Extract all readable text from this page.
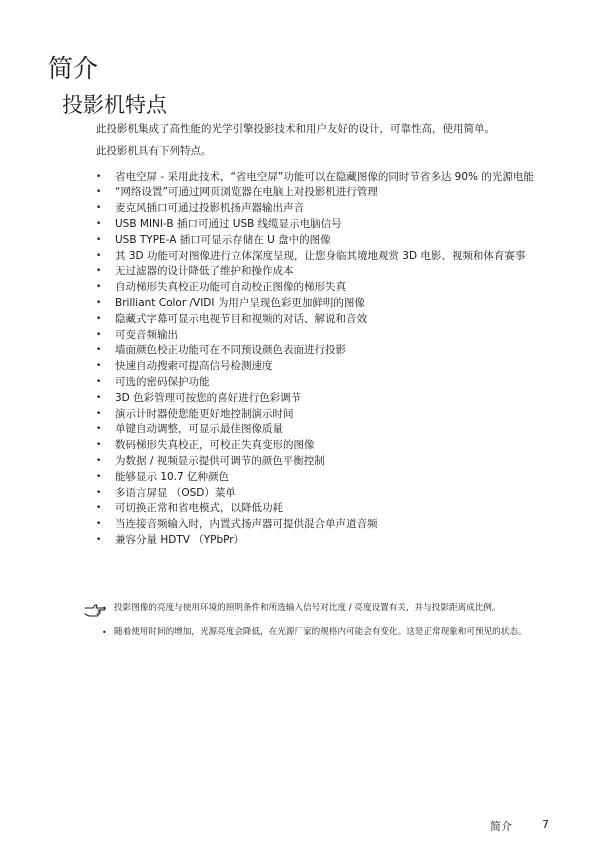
简介
投影机特点

此投影机集成了高性能的光学引擎投影技术和用户友好的设计，可靠性高，使用简单。

此投影机具有下列特点。

• 省电空屏 - 采用此技术，“省电空屏”功能可以在隐藏图像的同时节省多达 90% 的光源电能
• “网络设置”可通过网页浏览器在电脑上对投影机进行管理
• 麦克风插口可通过投影机扬声器输出声音
• USB MINI-B 插口可通过 USB 线缆显示电脑信号
• USB TYPE-A 插口可显示存储在 U 盘中的图像
• 其 3D 功能可对图像进行立体深度呈现，让您身临其境地观赏 3D 电影、视频和体育赛事
• 无过滤器的设计降低了维护和操作成本
• 自动梯形失真校正功能可自动校正图像的梯形失真
• Brilliant Color /VIDI 为用户呈现色彩更加鲜明的图像
• 隐藏式字幕可显示电视节目和视频的对话、解说和音效
• 可变音频输出
• 墙面颜色校正功能可在不同预设颜色表面进行投影
• 快速自动搜索可提高信号检测速度
• 可选的密码保护功能
• 3D 色彩管理可按您的喜好进行色彩调节
• 演示计时器使您能更好地控制演示时间
• 单键自动调整，可显示最佳图像质量
• 数码梯形失真校正，可校正失真变形的图像
• 为数据 / 视频显示提供可调节的颜色平衡控制
• 能够显示 10.7 亿种颜色
• 多语言屏显 （OSD）菜单
• 可切换正常和省电模式，以降低功耗
• 当连接音频输入时，内置式扬声器可提供混合单声道音频
• 兼容分量 HDTV （YPbPr）
• 投影图像的亮度与使用环境的照明条件和所选输入信号对比度 / 亮度设置有关，并与投影距离成比例。
• 随着使用时间的增加，光源亮度会降低，在光源厂家的规格内可能会有变化。这是正常现象和可预见的状态。
简介	7
